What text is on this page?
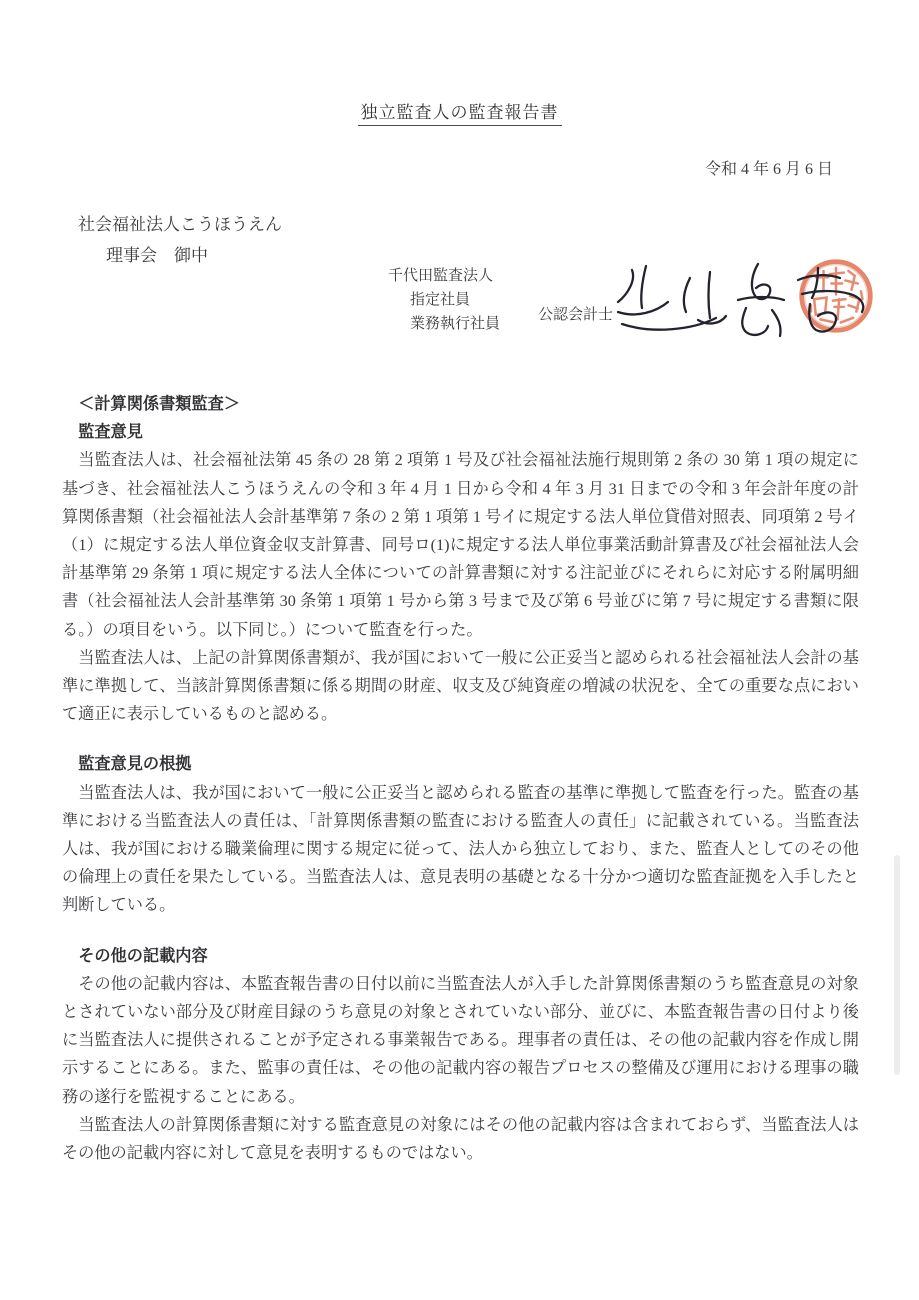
独立監査人の監査報告書
令和 4 年 6 月 6 日
社会福祉法人こうほうえん
理事会　御中
千代田監査法人
指定社員
業務執行社員
公認会計士

＜計算関係書類監査＞

監査意見

当監査法人は、社会福祉法第 45 条の 28 第 2 項第 1 号及び社会福祉法施行規則第 2 条の 30 第 1 項の規定に基づき、社会福祉法人こうほうえんの令和 3 年 4 月 1 日から令和 4 年 3 月 31 日までの令和 3 年会計年度の計算関係書類（社会福祉法人会計基準第 7 条の 2 第 1 項第 1 号イに規定する法人単位貸借対照表、同項第 2 号イ（1）に規定する法人単位資金収支計算書、同号ロ(1)に規定する法人単位事業活動計算書及び社会福祉法人会計基準第 29 条第 1 項に規定する法人全体についての計算書類に対する注記並びにそれらに対応する附属明細書（社会福祉法人会計基準第 30 条第 1 項第 1 号から第 3 号まで及び第 6 号並びに第 7 号に規定する書類に限る。）の項目をいう。以下同じ。）について監査を行った。

当監査法人は、上記の計算関係書類が、我が国において一般に公正妥当と認められる社会福祉法人会計の基準に準拠して、当該計算関係書類に係る期間の財産、収支及び純資産の増減の状況を、全ての重要な点において適正に表示しているものと認める。

監査意見の根拠

当監査法人は、我が国において一般に公正妥当と認められる監査の基準に準拠して監査を行った。監査の基準における当監査法人の責任は、「計算関係書類の監査における監査人の責任」に記載されている。当監査法人は、我が国における職業倫理に関する規定に従って、法人から独立しており、また、監査人としてのその他の倫理上の責任を果たしている。当監査法人は、意見表明の基礎となる十分かつ適切な監査証拠を入手したと判断している。

その他の記載内容

その他の記載内容は、本監査報告書の日付以前に当監査法人が入手した計算関係書類のうち監査意見の対象とされていない部分及び財産目録のうち意見の対象とされていない部分、並びに、本監査報告書の日付より後に当監査法人に提供されることが予定される事業報告である。理事者の責任は、その他の記載内容を作成し開示することにある。また、監事の責任は、その他の記載内容の報告プロセスの整備及び運用における理事の職務の遂行を監視することにある。

当監査法人の計算関係書類に対する監査意見の対象にはその他の記載内容は含まれておらず、当監査法人はその他の記載内容に対して意見を表明するものではない。
